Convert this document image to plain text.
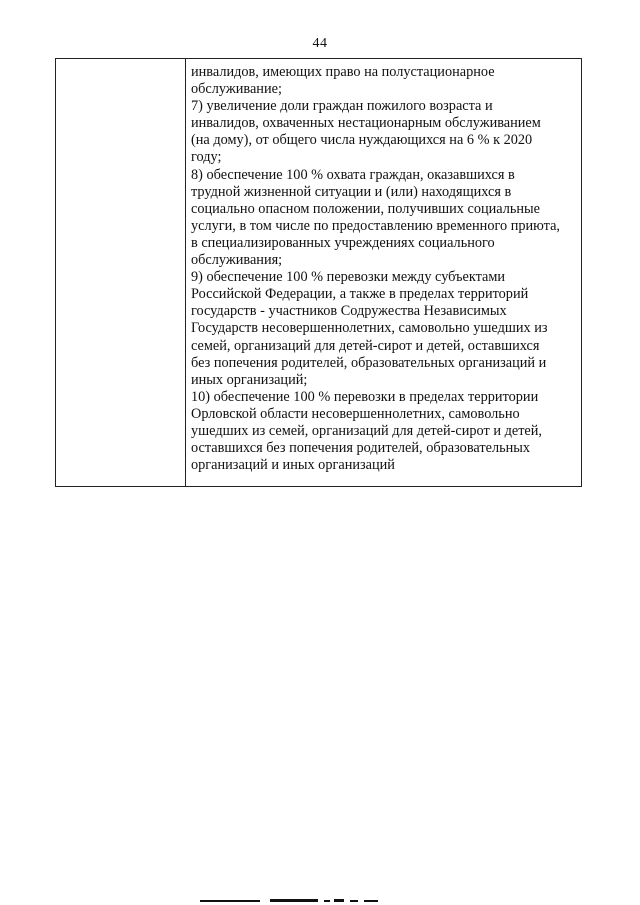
44
инвалидов, имеющих право на полустационарное
обслуживание;
7) увеличение доли граждан пожилого возраста и
инвалидов, охваченных нестационарным обслуживанием
(на дому), от общего числа нуждающихся на 6 % к 2020
году;
8) обеспечение 100 % охвата граждан, оказавшихся в
трудной жизненной ситуации и (или) находящихся в
социально опасном положении, получивших социальные
услуги, в том числе по предоставлению временного приюта,
в специализированных учреждениях социального
обслуживания;
9) обеспечение 100 % перевозки между субъектами
Российской Федерации, а также в пределах территорий
государств - участников Содружества Независимых
Государств несовершеннолетних, самовольно ушедших из
семей, организаций для детей-сирот и детей, оставшихся
без попечения родителей, образовательных организаций и
иных организаций;
10) обеспечение 100 % перевозки в пределах территории
Орловской области несовершеннолетних, самовольно
ушедших из семей, организаций для детей-сирот и детей,
оставшихся без попечения родителей, образовательных
организаций и иных организаций
